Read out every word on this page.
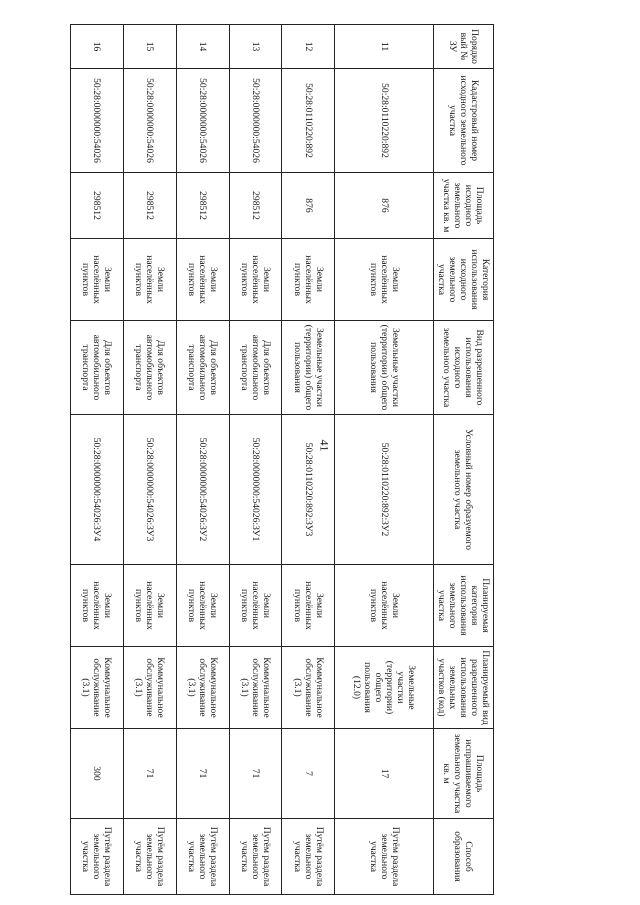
41
Порядковый № ЗУ	Кадастровый номер исходного земельного участка	Площадь исходного земельного участка кв. м	Категория использования исходного земельного участка	Вид разрешенного использования исходного земельного участка	Условный номер образуемого земельного участка	Планируемая категория использования земельного участка	Планируемый вид разрешенного использования земельных участков (код)	Площадь испрашиваемого земельного участка кв. м	Способ образования
11	50:28:0110220:892	876	Земли населённых пунктов	Земельные участки (территории) общего пользования	50:28:0110220:892:ЗУ2	Земли населённых пунктов	Земельные участки (территории) общего пользования (12.0)	17	Путём раздела земельного участка
12	50:28:0110220:892	876	Земли населённых пунктов	Земельные участки (территории) общего пользования	50:28:0110220:892:ЗУ3	Земли населённых пунктов	Коммунальное обслуживание (3.1)	7	Путём раздела земельного участка
13	50:28:0000000:54026	298512	Земли населённых пунктов	Для объектов автомобильного транспорта	50:28:0000000:54026:ЗУ1	Земли населённых пунктов	Коммунальное обслуживание (3.1)	71	Путём раздела земельного участка
14	50:28:0000000:54026	298512	Земли населённых пунктов	Для объектов автомобильного транспорта	50:28:0000000:54026:ЗУ2	Земли населённых пунктов	Коммунальное обслуживание (3.1)	71	Путём раздела земельного участка
15	50:28:0000000:54026	298512	Земли населённых пунктов	Для объектов автомобильного транспорта	50:28:0000000:54026:ЗУ3	Земли населённых пунктов	Коммунальное обслуживание (3.1)	71	Путём раздела земельного участка
16	50:28:0000000:54026	298512	Земли населённых пунктов	Для объектов автомобильного транспорта	50:28:0000000:54026:ЗУ4	Земли населённых пунктов	Коммунальное обслуживание (3.1)	300	Путём раздела земельного участка
